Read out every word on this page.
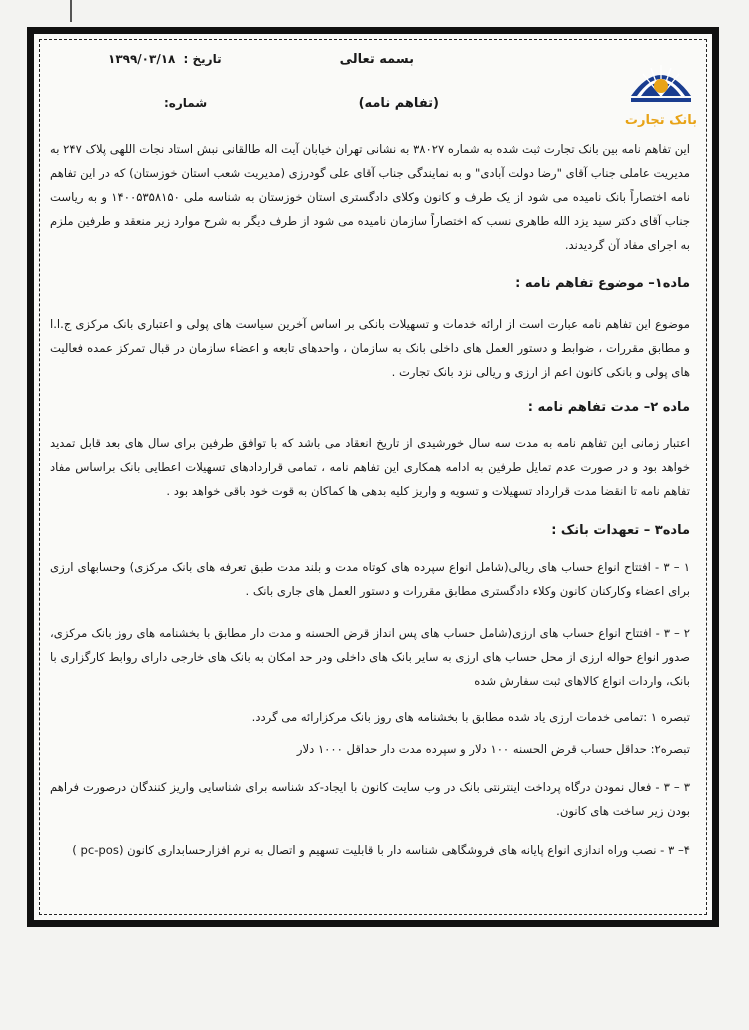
بانک تجارت
بسمه تعالی
تاریخ : ۱۳۹۹/۰۳/۱۸
(تفاهم نامه)
شماره:
این تفاهم نامه بین بانک تجارت ثبت شده به شماره ۳۸۰۲۷ به نشانی تهران خیابان آیت اله طالقانی نبش استاد نجات اللهی پلاک ۲۴۷ به مدیریت عاملی جناب آقای "رضا دولت آبادی" و به نمایندگی جناب آقای علی گودرزی (مدیریت شعب استان خوزستان) که در این تفاهم نامه اختصاراً بانک نامیده می شود از یک طرف و کانون وکلای دادگستری استان خوزستان به شناسه ملی ۱۴۰۰۵۳۵۸۱۵۰ و به ریاست جناب آقای دکتر سید یزد الله طاهری نسب که اختصاراً سازمان نامیده می شود از طرف دیگر به شرح موارد زیر منعقد و طرفین ملزم به اجرای مفاد آن گردیدند.
ماده۱– موضوع تفاهم نامه :
موضوع این تفاهم نامه عبارت است از ارائه خدمات و تسهیلات بانکی بر اساس آخرین سیاست های پولی و اعتباری بانک مرکزی ج.ا.ا و مطابق مقررات ، ضوابط و دستور العمل های داخلی بانک به سازمان ، واحدهای تابعه و اعضاء سازمان در قبال تمرکز عمده فعالیت های پولی و بانکی کانون اعم از ارزی و ریالی نزد بانک تجارت .
ماده ۲– مدت تفاهم نامه :
اعتبار زمانی این تفاهم نامه به مدت سه سال خورشیدی از تاریخ انعقاد می باشد که با توافق طرفین برای سال های بعد قابل تمدید خواهد بود و در صورت عدم تمایل طرفین به ادامه همکاری این تفاهم نامه ، تمامی قراردادهای تسهیلات اعطایی بانک براساس مفاد تفاهم نامه تا انقضا مدت قرارداد تسهیلات و تسویه و واریز کلیه بدهی ها کماکان به قوت خود باقی خواهد بود .
ماده۳ – تعهدات بانک :
۱ – ۳ - افتتاح انواع حساب های ریالی(شامل انواع سپرده های کوتاه مدت و بلند مدت طبق تعرفه های بانک مرکزی) وحسابهای ارزی برای اعضاء وکارکنان کانون وکلاء دادگستری مطابق مقررات و دستور العمل های جاری بانک .
۲ – ۳ - افتتاح انواع حساب های ارزی(شامل حساب های پس انداز قرض الحسنه و مدت دار مطابق با بخشنامه های روز بانک مرکزی، صدور انواع حواله ارزی از محل حساب های ارزی به سایر بانک های داخلی ودر حد امکان به بانک های خارجی دارای روابط کارگزاری با بانک، واردات انواع کالاهای ثبت سفارش شده
تبصره ۱ :تمامی خدمات ارزی یاد شده مطابق با بخشنامه های روز بانک مرکزارائه می گردد.
تبصره۲: حداقل حساب قرض الحسنه ۱۰۰ دلار و سپرده مدت دار حداقل ۱۰۰۰ دلار
۳ – ۳ - فعال نمودن درگاه پرداخت اینترنتی بانک در وب سایت کانون با ایجاد-کد شناسه برای شناسایی واریز کنندگان درصورت فراهم بودن زیر ساخت های کانون.
۴– ۳ - نصب وراه اندازی انواع پایانه های فروشگاهی شناسه دار با قابلیت تسهیم و اتصال به نرم افزارحسابداری کانون (pc-pos )
